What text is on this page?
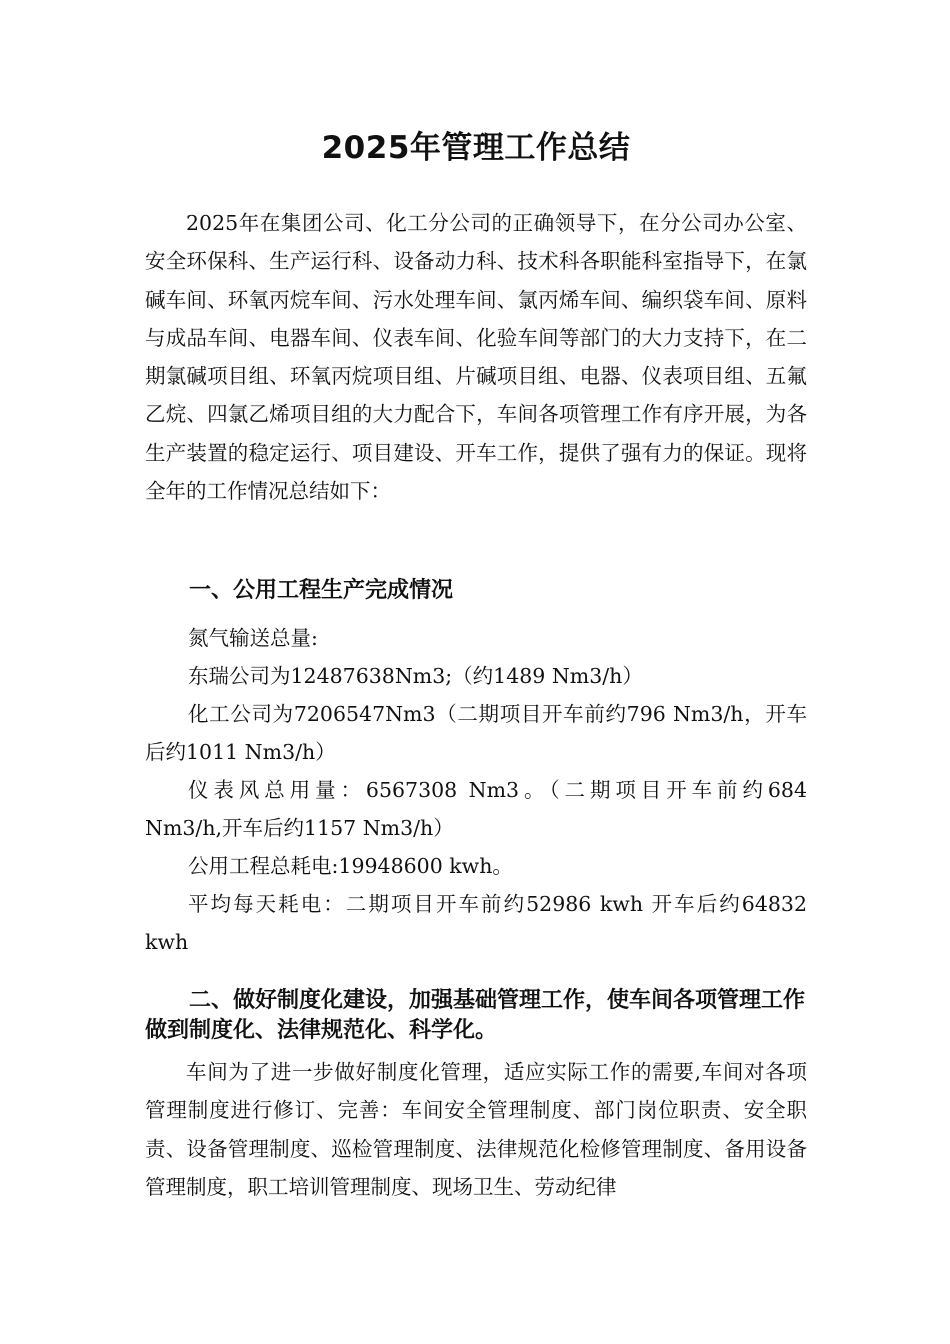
2025年管理工作总结

2025年在集团公司、化工分公司的正确领导下，在分公司办公室、安全环保科、生产运行科、设备动力科、技术科各职能科室指导下，在氯碱车间、环氧丙烷车间、污水处理车间、氯丙烯车间、编织袋车间、原料与成品车间、电器车间、仪表车间、化验车间等部门的大力支持下，在二期氯碱项目组、环氧丙烷项目组、片碱项目组、电器、仪表项目组、五氟乙烷、四氯乙烯项目组的大力配合下，车间各项管理工作有序开展，为各生产装置的稳定运行、项目建设、开车工作，提供了强有力的保证。现将全年的工作情况总结如下：

一、公用工程生产完成情况

氮气输送总量:

东瑞公司为12487638Nm3;（约1489 Nm3/h）

化工公司为7206547Nm3（二期项目开车前约796 Nm3/h，开车

后约1011 Nm3/h）

仪表风总用量：6567308 Nm3。（二期项目开车前约684

Nm3/h,开车后约1157 Nm3/h）

公用工程总耗电:19948600 kwh。

平均每天耗电：二期项目开车前约52986 kwh 开车后约64832

kwh

二、做好制度化建设，加强基础管理工作，使车间各项管理工作做到制度化、法律规范化、科学化。

车间为了进一步做好制度化管理，适应实际工作的需要,车间对各项管理制度进行修订、完善：车间安全管理制度、部门岗位职责、安全职责、设备管理制度、巡检管理制度、法律规范化检修管理制度、备用设备管理制度，职工培训管理制度、现场卫生、劳动纪律
